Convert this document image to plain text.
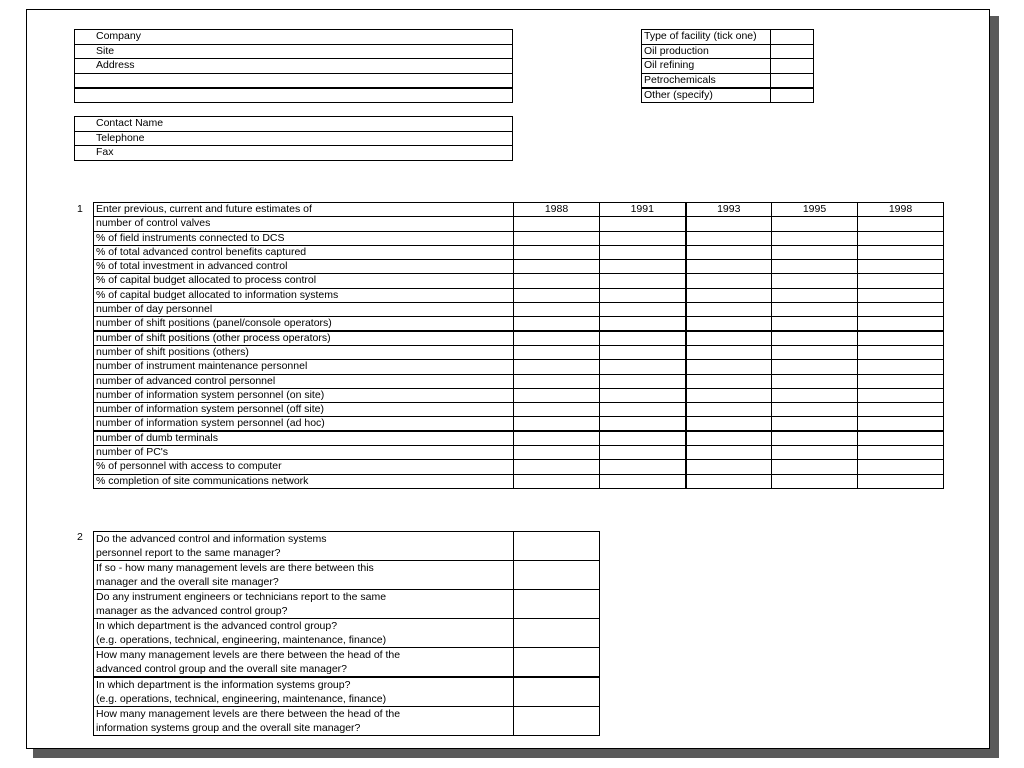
Company
Site
Address

Contact Name
Telephone
Fax
Type of facility (tick one)	
Oil production	
Oil refining	
Petrochemicals	
Other (specify)	
1 Enter previous, current and future estimates of	1988	1991	1993	1995	1998
number of control valves					
% of field instruments connected to DCS					
% of total advanced control benefits captured					
% of total investment in advanced control					
% of capital budget allocated to process control					
% of capital budget allocated to information systems					
number of day personnel					
number of shift positions (panel/console operators)					
number of shift positions (other process operators)					
number of shift positions (others)					
number of instrument maintenance personnel					
number of advanced control personnel					
number of information system personnel (on site)					
number of information system personnel (off site)					
number of information system personnel (ad hoc)					
number of dumb terminals					
number of PC's					
% of personnel with access to computer					
% completion of site communications network					
2 Do the advanced control and information systems
personnel report to the same manager?	

If so - how many management levels are there between this
manager and the overall site manager?	

Do any instrument engineers or technicians report to the same
manager as the advanced control group?	

In which department is the advanced control group?
(e.g. operations, technical, engineering, maintenance, finance)	

How many management levels are there between the head of the
advanced control group and the overall site manager?	

In which department is the information systems group?
(e.g. operations, technical, engineering, maintenance, finance)	

How many management levels are there between the head of the
information systems group and the overall site manager?	
